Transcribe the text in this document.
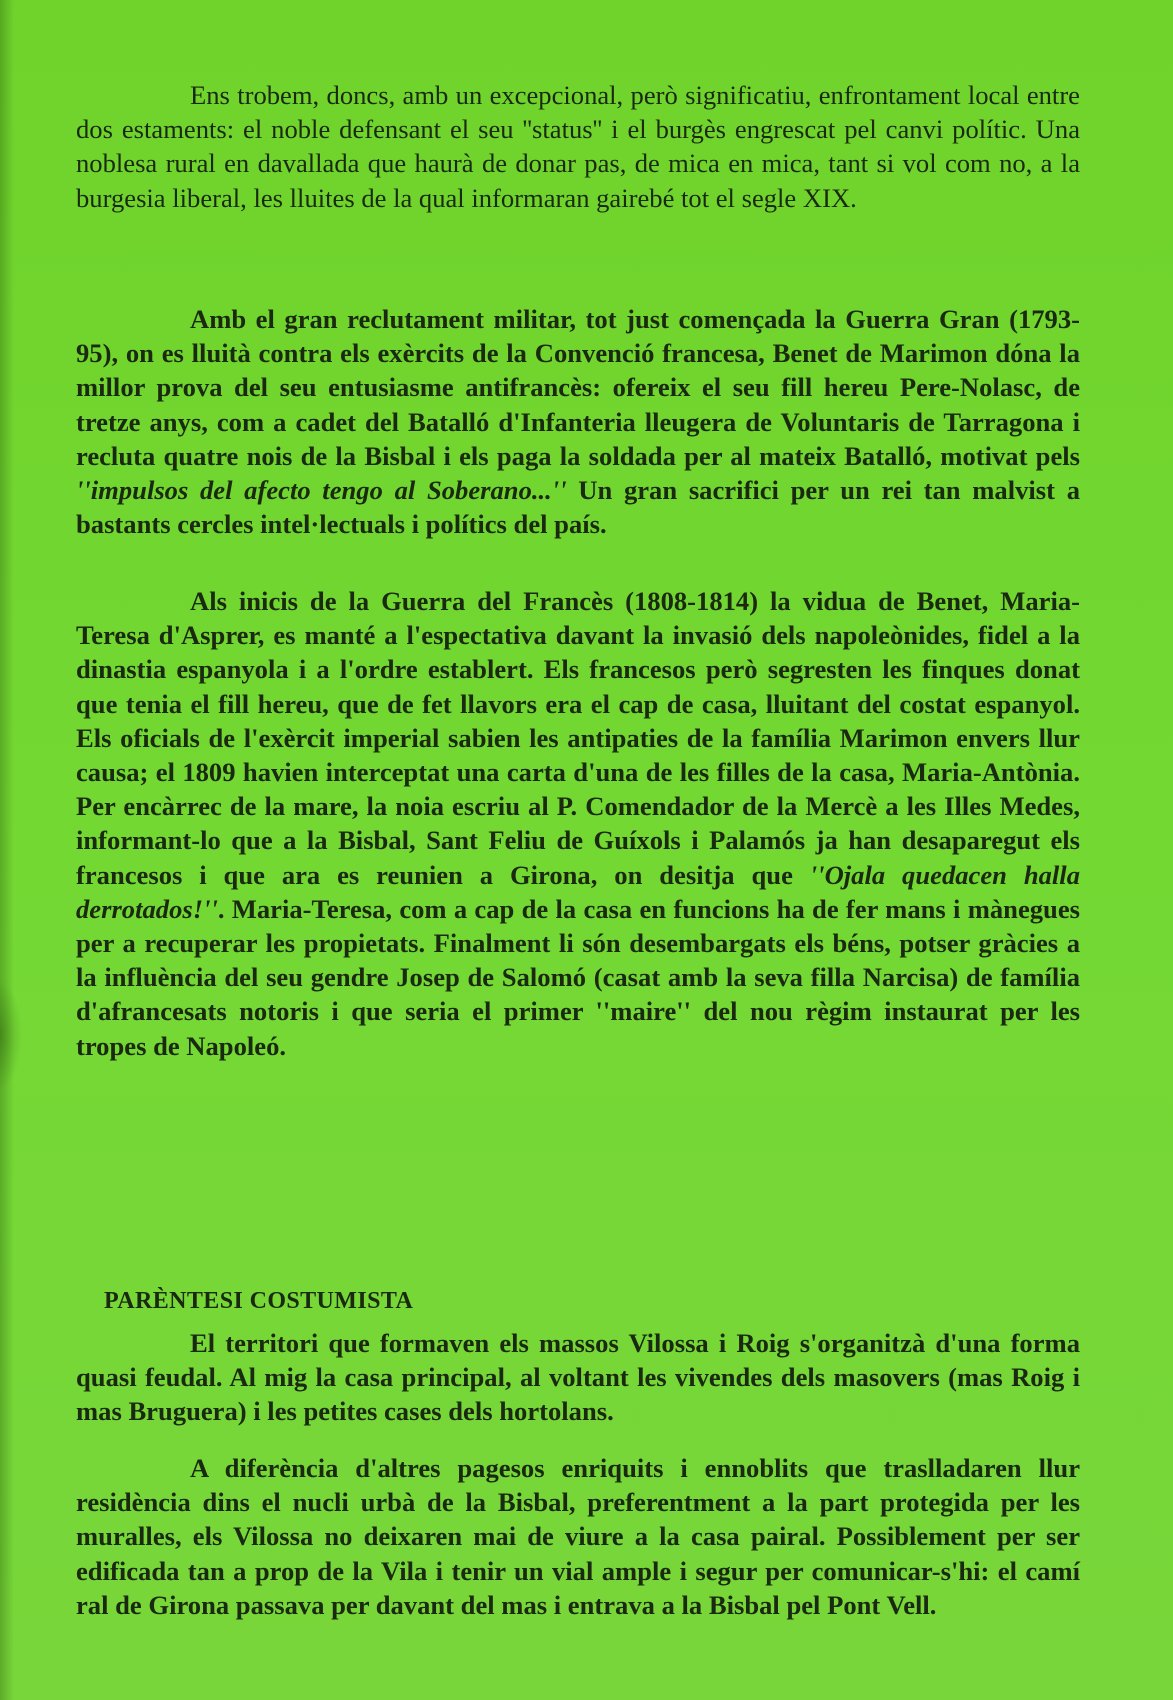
Ens trobem, doncs, amb un excepcional, però significatiu, enfrontament local entre dos estaments: el noble defensant el seu ''status'' i el burgès engrescat pel canvi polític. Una noblesa rural en davallada que haurà de donar pas, de mica en mica, tant si vol com no, a la burgesia liberal, les lluites de la qual informaran gairebé tot el segle XIX.

Amb el gran reclutament militar, tot just començada la Guerra Gran (1793-95), on es lluità contra els exèrcits de la Convenció francesa, Benet de Marimon dóna la millor prova del seu entusiasme antifrancès: ofereix el seu fill hereu Pere-Nolasc, de tretze anys, com a cadet del Batalló d'Infanteria lleugera de Voluntaris de Tarragona i recluta quatre nois de la Bisbal i els paga la soldada per al mateix Batalló, motivat pels ''impulsos del afecto tengo al Soberano...'' Un gran sacrifici per un rei tan malvist a bastants cercles intel·lectuals i polítics del país.

Als inicis de la Guerra del Francès (1808-1814) la vidua de Benet, Maria-Teresa d'Asprer, es manté a l'espectativa davant la invasió dels napoleònides, fidel a la dinastia espanyola i a l'ordre establert. Els francesos però segresten les finques donat que tenia el fill hereu, que de fet llavors era el cap de casa, lluitant del costat espanyol. Els oficials de l'exèrcit imperial sabien les antipaties de la família Marimon envers llur causa; el 1809 havien interceptat una carta d'una de les filles de la casa, Maria-Antònia. Per encàrrec de la mare, la noia escriu al P. Comendador de la Mercè a les Illes Medes, informant-lo que a la Bisbal, Sant Feliu de Guíxols i Palamós ja han desaparegut els francesos i que ara es reunien a Girona, on desitja que ''Ojala quedacen halla derrotados!''. Maria-Teresa, com a cap de la casa en funcions ha de fer mans i mànegues per a recuperar les propietats. Finalment li són desembargats els béns, potser gràcies a la influència del seu gendre Josep de Salomó (casat amb la seva filla Narcisa) de família d'afrancesats notoris i que seria el primer ''maire'' del nou règim instaurat per les tropes de Napoleó.

PARÈNTESI COSTUMISTA

El territori que formaven els massos Vilossa i Roig s'organitzà d'una forma quasi feudal. Al mig la casa principal, al voltant les vivendes dels masovers (mas Roig i mas Bruguera) i les petites cases dels hortolans.

A diferència d'altres pagesos enriquits i ennoblits que traslladaren llur residència dins el nucli urbà de la Bisbal, preferentment a la part protegida per les muralles, els Vilossa no deixaren mai de viure a la casa pairal. Possiblement per ser edificada tan a prop de la Vila i tenir un vial ample i segur per comunicar-s'hi: el camí ral de Girona passava per davant del mas i entrava a la Bisbal pel Pont Vell.
